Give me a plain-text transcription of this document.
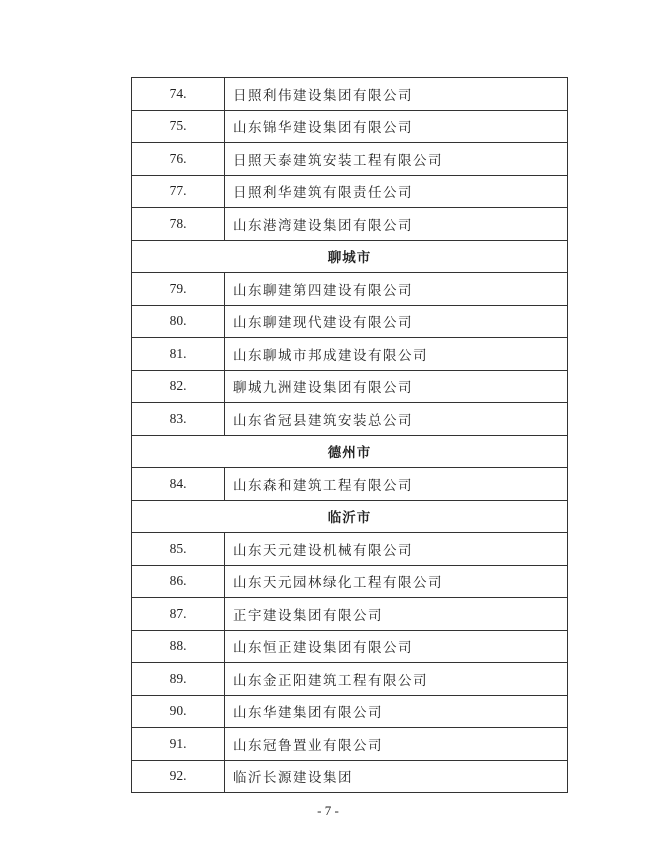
74.	日照利伟建设集团有限公司
75.	山东锦华建设集团有限公司
76.	日照天泰建筑安装工程有限公司
77.	日照利华建筑有限责任公司
78.	山东港湾建设集团有限公司
聊城市	
79.	山东聊建第四建设有限公司
80.	山东聊建现代建设有限公司
81.	山东聊城市邦成建设有限公司
82.	聊城九洲建设集团有限公司
83.	山东省冠县建筑安装总公司
德州市	
84.	山东森和建筑工程有限公司
临沂市	
85.	山东天元建设机械有限公司
86.	山东天元园林绿化工程有限公司
87.	正宇建设集团有限公司
88.	山东恒正建设集团有限公司
89.	山东金正阳建筑工程有限公司
90.	山东华建集团有限公司
91.	山东冠鲁置业有限公司
92.	临沂长源建设集团
- 7 -
